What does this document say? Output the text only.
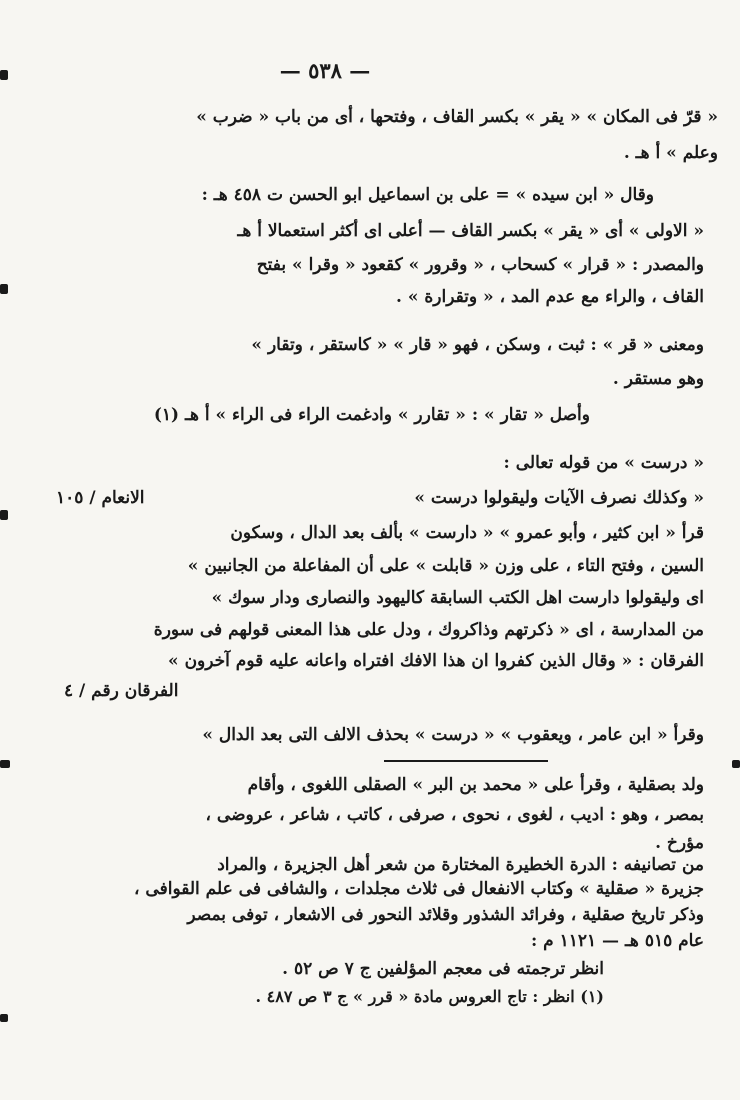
— ٥٣٨ —
« قرّ فى المكان » « يقر » بكسر القاف ، وفتحها ، أى من باب « ضرب »
وعلم » أ هـ .
وقال « ابن سيده » = على بن اسماعيل ابو الحسن ت ٤٥٨ هـ :
« الاولى » أى « يقر » بكسر القاف — أعلى اى أكثر استعمالا أ هـ
والمصدر : « قرار » كسحاب ، « وقرور » كقعود « وقرا » بفتح
القاف ، والراء مع عدم المد ، « وتقرارة » .
ومعنى « قر » : ثبت ، وسكن ، فهو « قار » « كاستقر ، وتقار »
وهو مستقر .
وأصل « تقار » : « تقارر » وادغمت الراء فى الراء » أ هـ (١)
« درست » من قوله تعالى :
« وكذلك نصرف الآيات وليقولوا درست »
الانعام / ١٠٥
قرأ « ابن كثير ، وأبو عمرو » « دارست » بألف بعد الدال ، وسكون
السين ، وفتح التاء ، على وزن « قابلت » على أن المفاعلة من الجانبين »
اى وليقولوا دارست اهل الكتب السابقة كاليهود والنصارى ودار سوك »
من المدارسة ، اى « ذكرتهم وذاكروك ، ودل على هذا المعنى قولهم فى سورة
الفرقان : « وقال الذين كفروا ان هذا الافك افتراه واعانه عليه قوم آخرون »
الفرقان رقم / ٤
وقرأ « ابن عامر ، ويعقوب » « درست » بحذف الالف التى بعد الدال »
ولد بصقلية ، وقرأ على « محمد بن البر » الصقلى اللغوى ، وأقام
بمصر ، وهو : اديب ، لغوى ، نحوى ، صرفى ، كاتب ، شاعر ، عروضى ،
مؤرخ .
من تصانيفه : الدرة الخطيرة المختارة من شعر أهل الجزيرة ، والمراد
جزيرة « صقلية » وكتاب الانفعال فى ثلاث مجلدات ، والشافى فى علم القوافى ،
وذكر تاريخ صقلية ، وفرائد الشذور وقلائد النحور فى الاشعار ، توفى بمصر
عام ٥١٥ هـ — ١١٢١ م :
انظر ترجمته فى معجم المؤلفين ج ٧ ص ٥٢ .
(١) انظر : تاج العروس مادة « قرر » ج ٣ ص ٤٨٧ .
